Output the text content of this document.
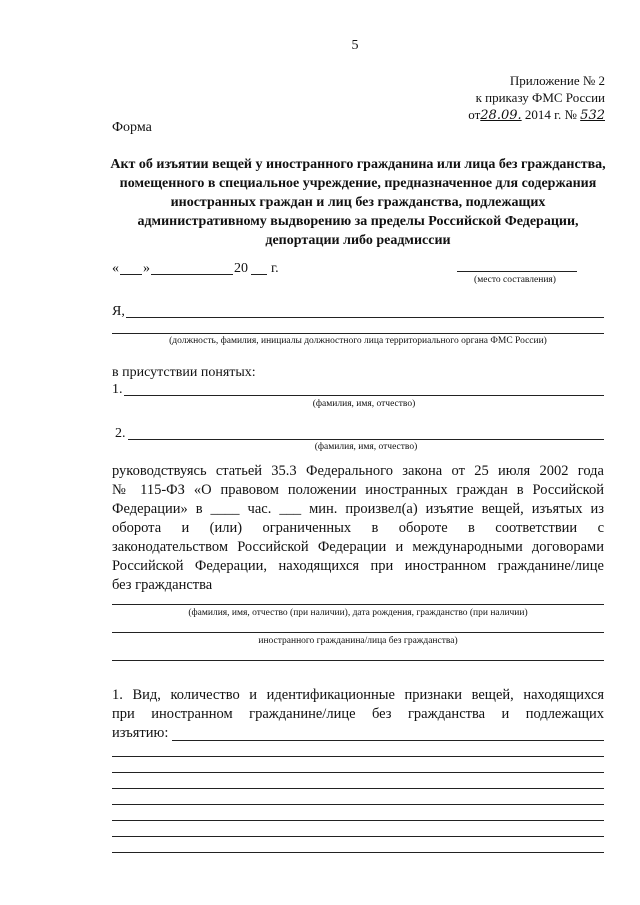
5
Приложение № 2
к приказу ФМС России
от28.09. 2014 г. № 532
Форма
Акт об изъятии вещей у иностранного гражданина или лица без гражданства, помещенного в специальное учреждение, предназначенное для содержания иностранных граждан и лиц без гражданства, подлежащих административному выдворению за пределы Российской Федерации, депортации либо реадмиссии
« »	20 г.
(место составления)
Я,
(должность, фамилия, инициалы должностного лица территориального органа ФМС России)
в присутствии понятых:
1.
(фамилия, имя, отчество)
2.
(фамилия, имя, отчество)

руководствуясь статьей 35.3 Федерального закона от 25 июля 2002 года

№ 115-ФЗ «О правовом положении иностранных граждан в Российской

Федерации» в ____ час. ___ мин. произвел(а) изъятие вещей, изъятых из

оборота и (или) ограниченных в обороте в соответствии с

законодательством Российской Федерации и международными договорами

Российской Федерации, находящихся при иностранном гражданине/лице

без гражданства

(фамилия, имя, отчество (при наличии), дата рождения, гражданство (при наличии)
иностранного гражданина/лица без гражданства)

1. Вид, количество и идентификационные признаки вещей, находящихся

при иностранном гражданине/лице без гражданства и подлежащих

изъятию:
